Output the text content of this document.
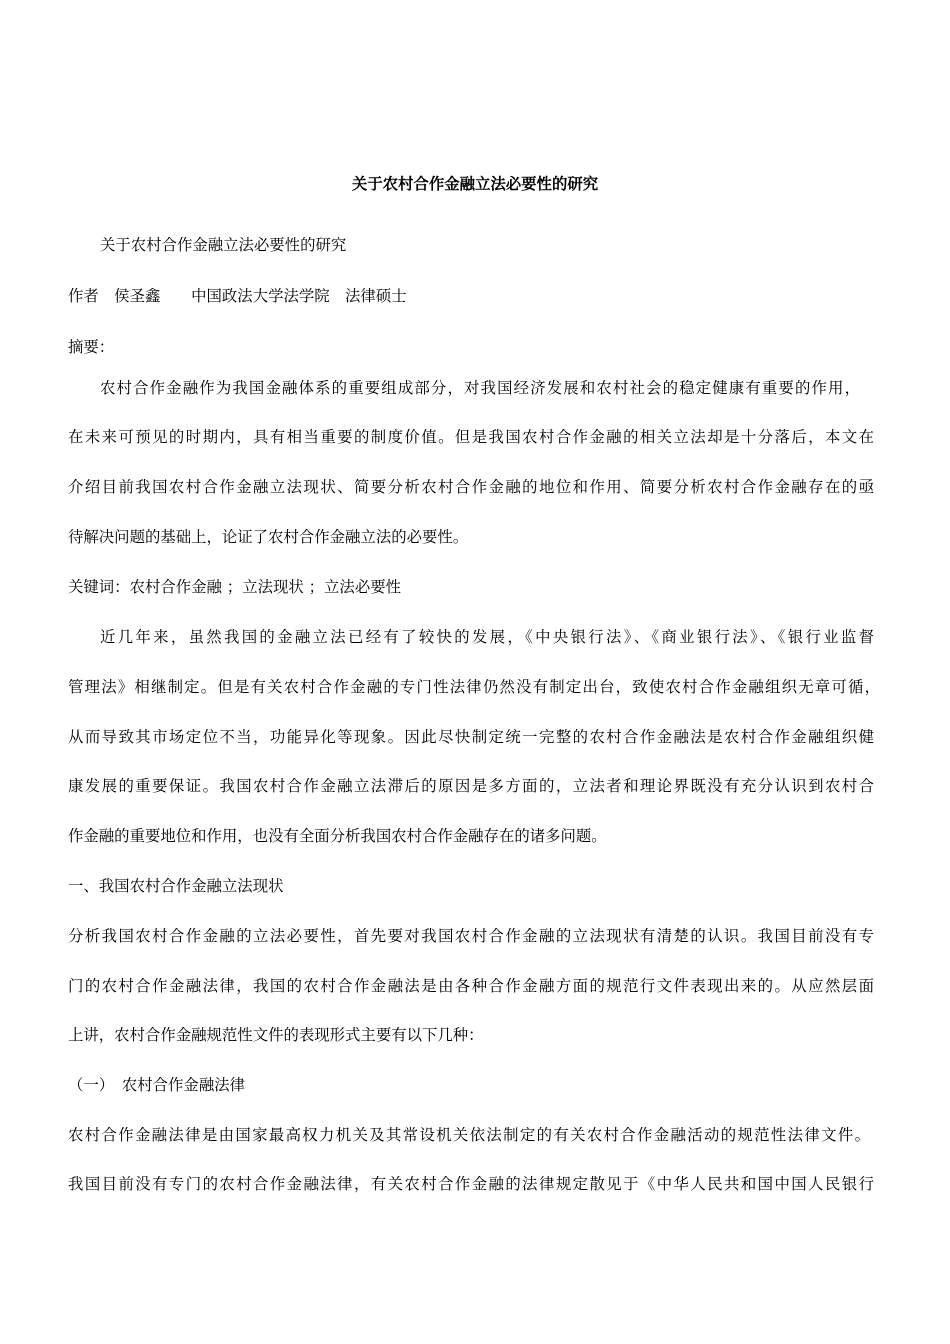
关于农村合作金融立法必要性的研究
关于农村合作金融立法必要性的研究
作者　侯圣鑫　　中国政法大学法学院　法律硕士
摘要：
农村合作金融作为我国金融体系的重要组成部分，对我国经济发展和农村社会的稳定健康有重要的作用，
在未来可预见的时期内，具有相当重要的制度价值。但是我国农村合作金融的相关立法却是十分落后，本文在
介绍目前我国农村合作金融立法现状、简要分析农村合作金融的地位和作用、简要分析农村合作金融存在的亟
待解决问题的基础上，论证了农村合作金融立法的必要性。
关键词：农村合作金融 ；立法现状 ；立法必要性
近几年来，虽然我国的金融立法已经有了较快的发展，《中央银行法》、《商业银行法》、《银行业监督
管理法》相继制定。但是有关农村合作金融的专门性法律仍然没有制定出台，致使农村合作金融组织无章可循，
从而导致其市场定位不当，功能异化等现象。因此尽快制定统一完整的农村合作金融法是农村合作金融组织健
康发展的重要保证。我国农村合作金融立法滞后的原因是多方面的，立法者和理论界既没有充分认识到农村合
作金融的重要地位和作用，也没有全面分析我国农村合作金融存在的诸多问题。
一、我国农村合作金融立法现状
分析我国农村合作金融的立法必要性，首先要对我国农村合作金融的立法现状有清楚的认识。我国目前没有专
门的农村合作金融法律，我国的农村合作金融法是由各种合作金融方面的规范行文件表现出来的。从应然层面
上讲，农村合作金融规范性文件的表现形式主要有以下几种：
（一）　农村合作金融法律
农村合作金融法律是由国家最高权力机关及其常设机关依法制定的有关农村合作金融活动的规范性法律文件。
我国目前没有专门的农村合作金融法律，有关农村合作金融的法律规定散见于《中华人民共和国中国人民银行
